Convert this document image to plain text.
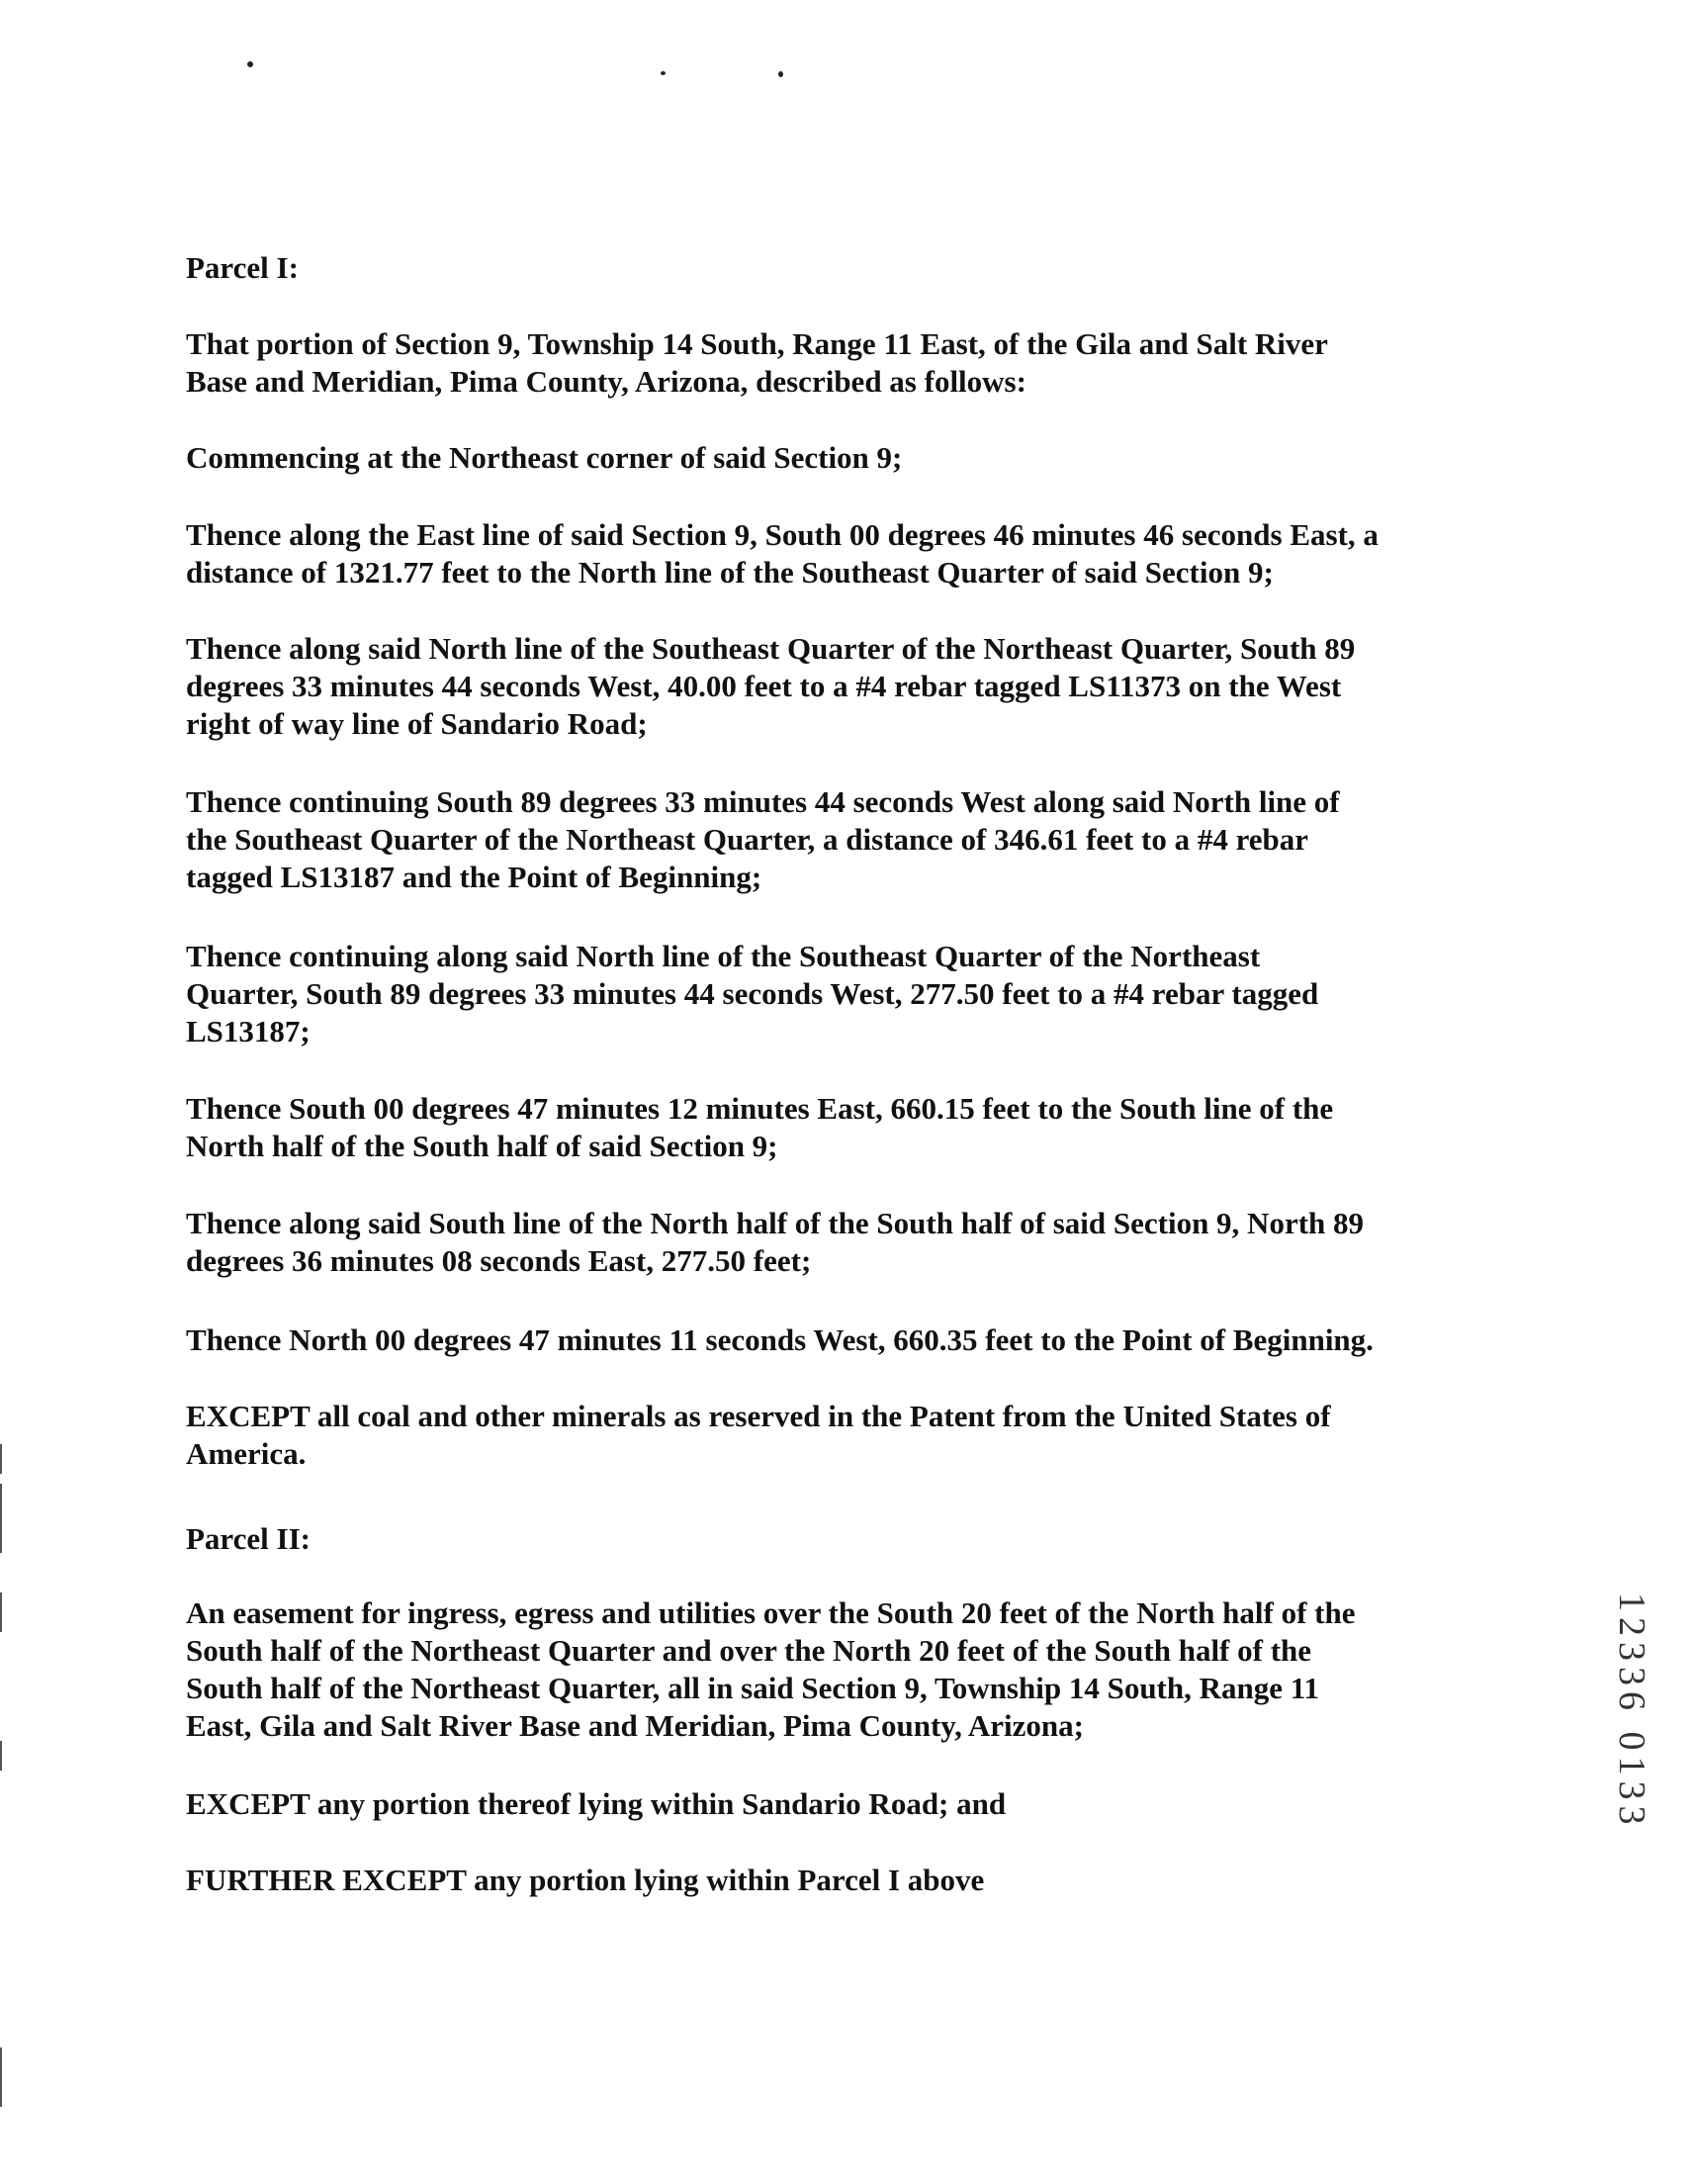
Parcel I:
That portion of Section 9, Township 14 South, Range 11 East, of the Gila and Salt River
Base and Meridian, Pima County, Arizona, described as follows:
Commencing at the Northeast corner of said Section 9;
Thence along the East line of said Section 9, South 00 degrees 46 minutes 46 seconds East, a
distance of 1321.77 feet to the North line of the Southeast Quarter of said Section 9;
Thence along said North line of the Southeast Quarter of the Northeast Quarter, South 89
degrees 33 minutes 44 seconds West, 40.00 feet to a #4 rebar tagged LS11373 on the West
right of way line of Sandario Road;
Thence continuing South 89 degrees 33 minutes 44 seconds West along said North line of
the Southeast Quarter of the Northeast Quarter, a distance of 346.61 feet to a #4 rebar
tagged LS13187 and the Point of Beginning;
Thence continuing along said North line of the Southeast Quarter of the Northeast
Quarter, South 89 degrees 33 minutes 44 seconds West, 277.50 feet to a #4 rebar tagged
LS13187;
Thence South 00 degrees 47 minutes 12 minutes East, 660.15 feet to the South line of the
North half of the South half of said Section 9;
Thence along said South line of the North half of the South half of said Section 9, North 89
degrees 36 minutes 08 seconds East, 277.50 feet;
Thence North 00 degrees 47 minutes 11 seconds West, 660.35 feet to the Point of Beginning.
EXCEPT all coal and other minerals as reserved in the Patent from the United States of
America.
Parcel II:
An easement for ingress, egress and utilities over the South 20 feet of the North half of the
South half of the Northeast Quarter and over the North 20 feet of the South half of the
South half of the Northeast Quarter, all in said Section 9, Township 14 South, Range 11
East, Gila and Salt River Base and Meridian, Pima County, Arizona;
EXCEPT any portion thereof lying within Sandario Road; and
FURTHER EXCEPT any portion lying within Parcel I above
12336 0133
